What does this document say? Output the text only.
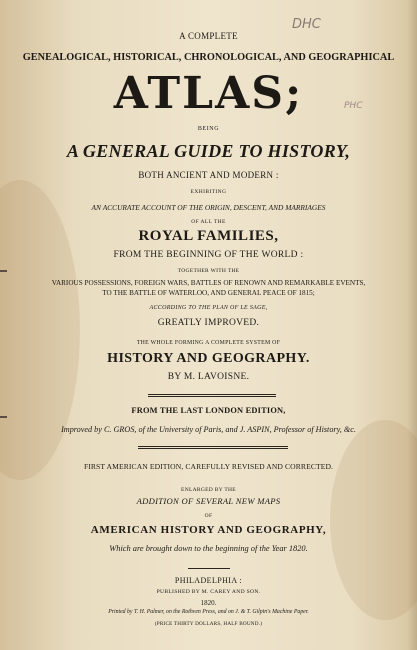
DHC
PHC
A COMPLETE
GENEALOGICAL, HISTORICAL, CHRONOLOGICAL, AND GEOGRAPHICAL
ATLAS;
BEING
A GENERAL GUIDE TO HISTORY,
BOTH ANCIENT AND MODERN :
EXHIBITING
AN ACCURATE ACCOUNT OF THE ORIGIN, DESCENT, AND MARRIAGES
OF ALL THE
ROYAL FAMILIES,
FROM THE BEGINNING OF THE WORLD :
TOGETHER WITH THE
VARIOUS POSSESSIONS, FOREIGN WARS, BATTLES OF RENOWN AND REMARKABLE EVENTS,
TO THE BATTLE OF WATERLOO, AND GENERAL PEACE OF 1815;
ACCORDING TO THE PLAN OF LE SAGE,
GREATLY IMPROVED.
THE WHOLE FORMING A COMPLETE SYSTEM OF
HISTORY AND GEOGRAPHY.
BY M. LAVOISNE.
FROM THE LAST LONDON EDITION,
Improved by C. GROS, of the University of Paris, and J. ASPIN, Professor of History, &c.
FIRST AMERICAN EDITION, CAREFULLY REVISED AND CORRECTED.
ENLARGED BY THE
ADDITION OF SEVERAL NEW MAPS
OF
AMERICAN HISTORY AND GEOGRAPHY,
Which are brought down to the beginning of the Year 1820.
PHILADELPHIA :
PUBLISHED BY M. CAREY AND SON.
1820.
Printed by T. H. Palmer, on the Rothven Press, and on J. & T. Gilpin's Machine Paper.
(PRICE THIRTY DOLLARS, HALF BOUND.)
